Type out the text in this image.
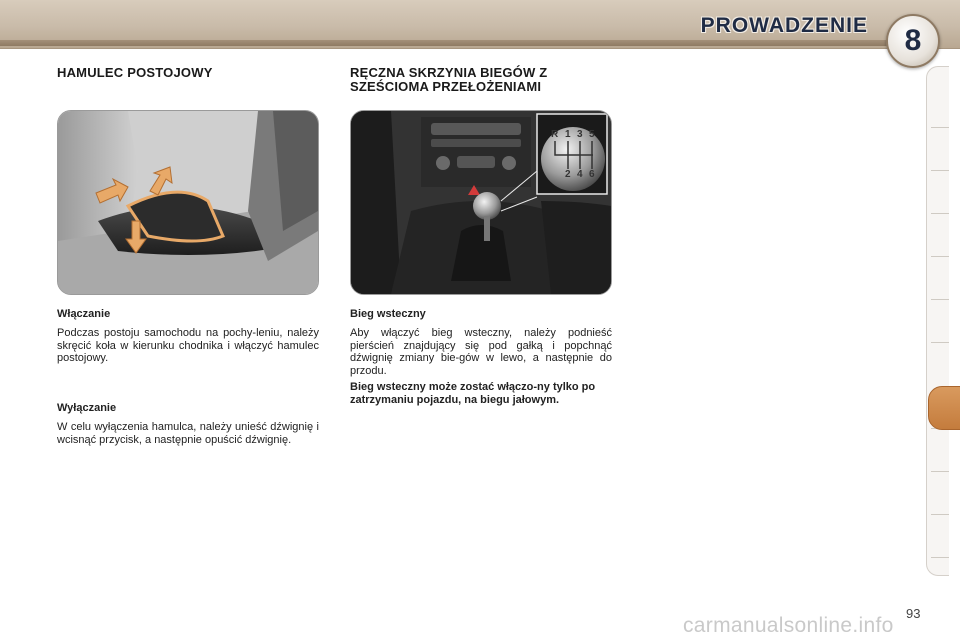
PROWADZENIE	8
HAMULEC POSTOJOWY

Włączanie

Podczas postoju samochodu na pochy-leniu, należy skręcić koła w kierunku chodnika i włączyć hamulec postojowy.

Wyłączanie

W celu wyłączenia hamulca, należy unieść dźwignię i wcisnąć przycisk, a następnie opuścić dźwignię.

RĘCZNA SKRZYNIA BIEGÓW Z SZEŚCIOMA PRZEŁOŻENIAMI
R 1 3 5
2 4 6

Bieg wsteczny

Aby włączyć bieg wsteczny, należy podnieść pierścień znajdujący się pod gałką i popchnąć dźwignię zmiany bie-gów w lewo, a następnie do przodu.

Bieg wsteczny może zostać włączo-ny tylko po zatrzymaniu pojazdu, na biegu jałowym.

93
carmanualsonline.info
